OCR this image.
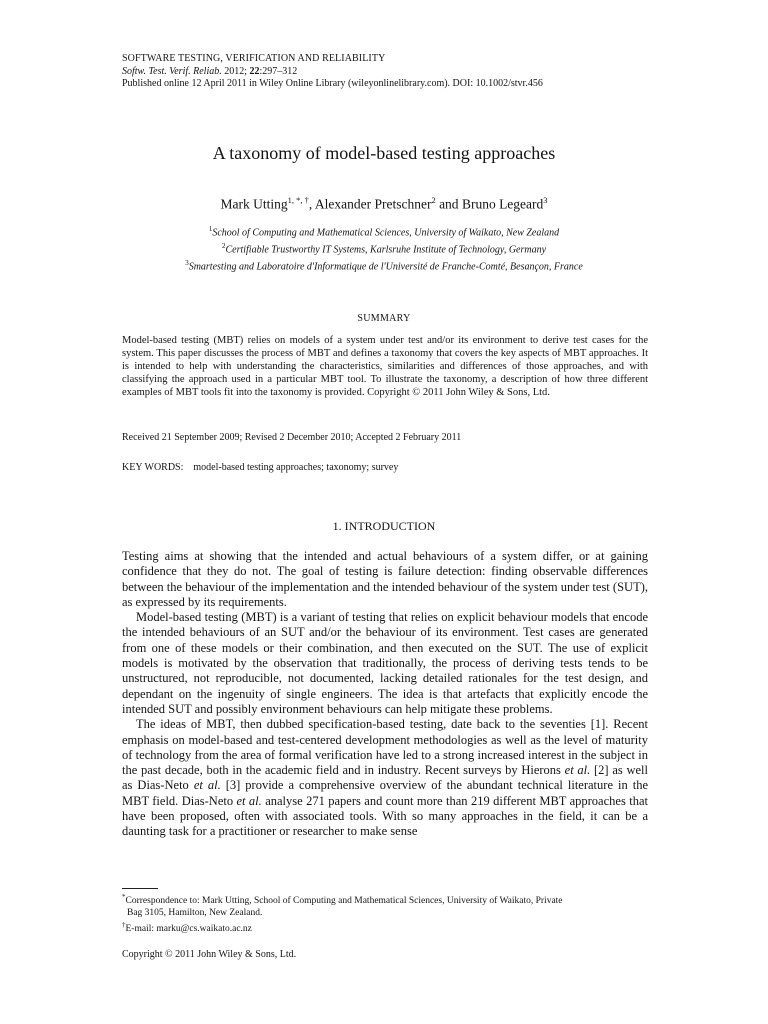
SOFTWARE TESTING, VERIFICATION AND RELIABILITY
Softw. Test. Verif. Reliab. 2012; 22:297–312
Published online 12 April 2011 in Wiley Online Library (wileyonlinelibrary.com). DOI: 10.1002/stvr.456
A taxonomy of model-based testing approaches
Mark Utting$^{1, *, \dagger}$, Alexander Pretschner$^2$ and Bruno Legeard$^3$
$^1$School of Computing and Mathematical Sciences, University of Waikato, New Zealand
$^2$Certifiable Trustworthy IT Systems, Karlsruhe Institute of Technology, Germany
$^3$Smartesting and Laboratoire d'Informatique de l'Université de Franche-Comté, Besançon, France
SUMMARY

Model-based testing (MBT) relies on models of a system under test and/or its environment to derive test cases for the system. This paper discusses the process of MBT and defines a taxonomy that covers the key aspects of MBT approaches. It is intended to help with understanding the characteristics, similarities and differences of those approaches, and with classifying the approach used in a particular MBT tool. To illustrate the taxonomy, a description of how three different examples of MBT tools fit into the taxonomy is provided. Copyright © 2011 John Wiley & Sons, Ltd.

Received 21 September 2009; Revised 2 December 2010; Accepted 2 February 2011
KEY WORDS: model-based testing approaches; taxonomy; survey
1. INTRODUCTION

Testing aims at showing that the intended and actual behaviours of a system differ, or at gaining confidence that they do not. The goal of testing is failure detection: finding observable differences between the behaviour of the implementation and the intended behaviour of the system under test (SUT), as expressed by its requirements.

Model-based testing (MBT) is a variant of testing that relies on explicit behaviour models that encode the intended behaviours of an SUT and/or the behaviour of its environment. Test cases are generated from one of these models or their combination, and then executed on the SUT. The use of explicit models is motivated by the observation that traditionally, the process of deriving tests tends to be unstructured, not reproducible, not documented, lacking detailed rationales for the test design, and dependant on the ingenuity of single engineers. The idea is that artefacts that explicitly encode the intended SUT and possibly environment behaviours can help mitigate these problems.

The ideas of MBT, then dubbed specification-based testing, date back to the seventies [1]. Recent emphasis on model-based and test-centered development methodologies as well as the level of maturity of technology from the area of formal verification have led to a strong increased interest in the subject in the past decade, both in the academic field and in industry. Recent surveys by Hierons et al. [2] as well as Dias-Neto et al. [3] provide a comprehensive overview of the abundant technical literature in the MBT field. Dias-Neto et al. analyse 271 papers and count more than 219 different MBT approaches that have been proposed, often with associated tools. With so many approaches in the field, it can be a daunting task for a practitioner or researcher to make sense

*Correspondence to: Mark Utting, School of Computing and Mathematical Sciences, University of Waikato, Private

Bag 3105, Hamilton, New Zealand.

†E-mail: marku@cs.waikato.ac.nz

Copyright © 2011 John Wiley & Sons, Ltd.
